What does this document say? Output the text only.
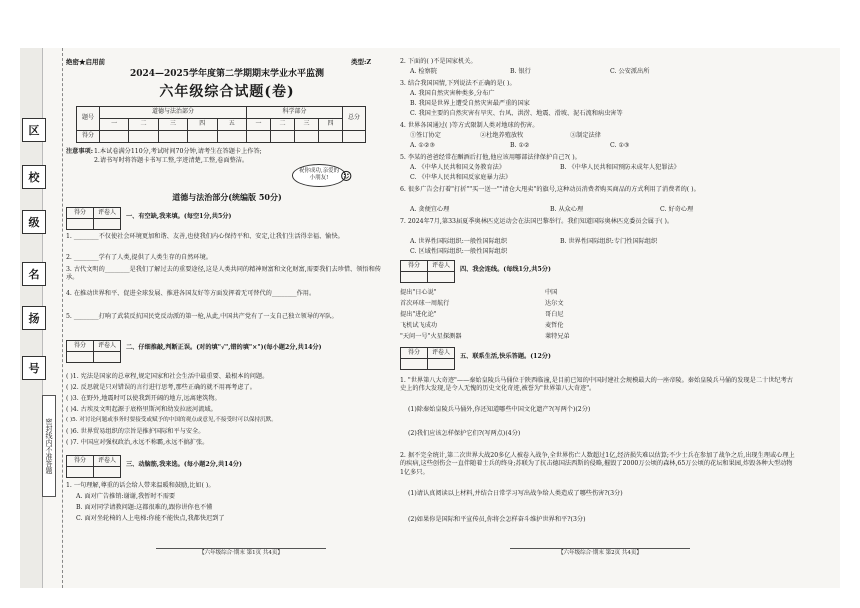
区
校
级
名
扬
号
密封线内不准答题
绝密★启用前	类型:Z
2024—2025学年度第二学期期末学业水平监测
六年级综合试题(卷)
题号	道德与法治部分					科学部分				总分
	一	二	三	四	五	一	二	三	四	
得分										
注意事项: 1.本试卷满分110分,考试时间70分钟,请考生在答题卡上作答;
2.请书写时将答题卡书写工整,字迹清楚,工整,卷面整洁。
祝你成功,亲爱的小朋友! ☺
道德与法治部分(统编版 50分)
得分	评卷人

一、有空缺,我来填。(每空1分,共5分)
1. ________不仅使社会环境更加和谐、友善,也使我们内心保持平和、安定,让我们生活得幸福、愉快。
2. ________学有了人类,提供了人类生存的自然环境。
3. 古代文明的________是我们了解过去的重要途径,这是人类共同的精神财富和文化财富,需要我们去珍惜、领悟和传承。
4. 在推动世界和平、促进全球发展、推进各国友好等方面发挥着无可替代的________作用。
5. ________打响了武装反抗国民党反动派的第一枪,从此,中国共产党有了一支自己独立领导的军队。
得分	评卷人
	二、仔细推敲,判断正误。(对的填"√",错的填"×")(每小题2分,共14分)
( )1. 宪法是国家的总章程,规定国家和社会生活中最重要、最根本的问题。
( )2. 反思就是只对错误的言行进行思考,那些正确的就不用再考虑了。
( )3. 在野外,地震时可以使我到开阔的地方,远离建筑物。
( )4. 古埃及文明起源于底格里斯河和幼发拉底河流域。
( )5. 对讨论问题或事务时要接受或赋予的中国的观点或意见,不接受时可以保持沉默。
( )6. 世界贸易组织的宗旨是推护国际和平与安全。
( )7. 中国应对强权政治,永远不称霸,永远不搞扩张。
得分	评卷人

三、动脑筋,我来选。(每小题2分,共14分)
1. 一句理解,尊重的话会给人带来温暖和鼓励,比如( )。
A. 面对广告推销:谢谢,我暂时不需要
B. 面对同学请教问题:这都很难的,跟你讲你也不懂
C. 面对坐轮椅的人上电梯:你能不能快点,我都快迟到了
【六年级综合·期末 第1页 共4页】
2. 下面的( )不是国家机关。
A. 检察院	B. 银行	C. 公安派出所
3. 结合我国国情,下列说法不正确的是( )。
A. 我国自然灾害种类多,分布广
B. 我国是世界上遭受自然灾害最严重的国家
C. 我国主要的自然灾害有旱灾、台风、洪涝、地震、滑坡、泥石流和病虫害等
4. 世界各国通过( )等方式限制人类对地球的伤害。
①签订协定	②杜绝养殖放牧	③制定法律
A. ①②③	B. ①②	C. ①③
5. 李某的爸爸经常在酗酒后打他,他应该用哪部法律保护自己?( )。
A. 《中华人民共和国义务教育法》	B. 《中华人民共和国预防未成年人犯罪法》
C. 《中华人民共和国反家庭暴力法》
6. 很多广告会打着"打折""买一送一""清仓大甩卖"的旗号,这种动员消费者购买商品的方式利用了消费者的( )。
A. 贪便宜心理	B. 从众心理	C. 好奇心理
7. 2024年7月,第33届夏季奥林匹克运动会在法国巴黎举行。我们知道国际奥林匹克委员会属于( )。
A. 世界性国际组织:一般性国际组织	B. 世界性国际组织:专门性国际组织
C. 区域性国际组织:一般性国际组织
得分	评卷人

四、我会连线。(每线1分,共5分)
提出"日心说"
首次环球一周航行
提出"进化论"
飞机试飞成功
"天问一号"火星探测器
中国
达尔文
哥白尼
麦哲伦
莱特兄弟
得分	评卷人

五、联系生活,快乐答题。(12分)
1. "世界第八大奇迹"——秦始皇陵兵马俑位于陕西临潼,是目前已知的中国封建社会规模最大的一座帝陵。秦始皇陵兵马俑的发现是二十世纪考古史上的伟大发现,是令人无愧的历史文化奇迹,被誉为"世界第八大奇迹"。
(1)除秦始皇陵兵马俑外,你还知道哪些中国文化遗产?(写两个)(2分)
(2)我们应该怎样保护它们?(写两点)(4分)
2. 据不完全统计,第二次世界大战20多亿人被卷入战争,全世界伤亡人数超过1亿,经济损失难以估算;不少士兵在参加了战争之后,出现生理或心理上的疾病,这些创伤会一直伴随着士兵的终身;苏联为了抗击德国法西斯的侵略,摧毁了2000万公顷的森林,65万公顷的花坛和果园,炸毁各种大型动物1亿多只。
(1)请认真阅读以上材料,并结合日常学习写出战争给人类造成了哪些伤害?(3分)
(2)如果你是国际和平宣传员,你将会怎样奋斗维护世界和平?(3分)
【六年级综合·期末 第2页 共4页】
